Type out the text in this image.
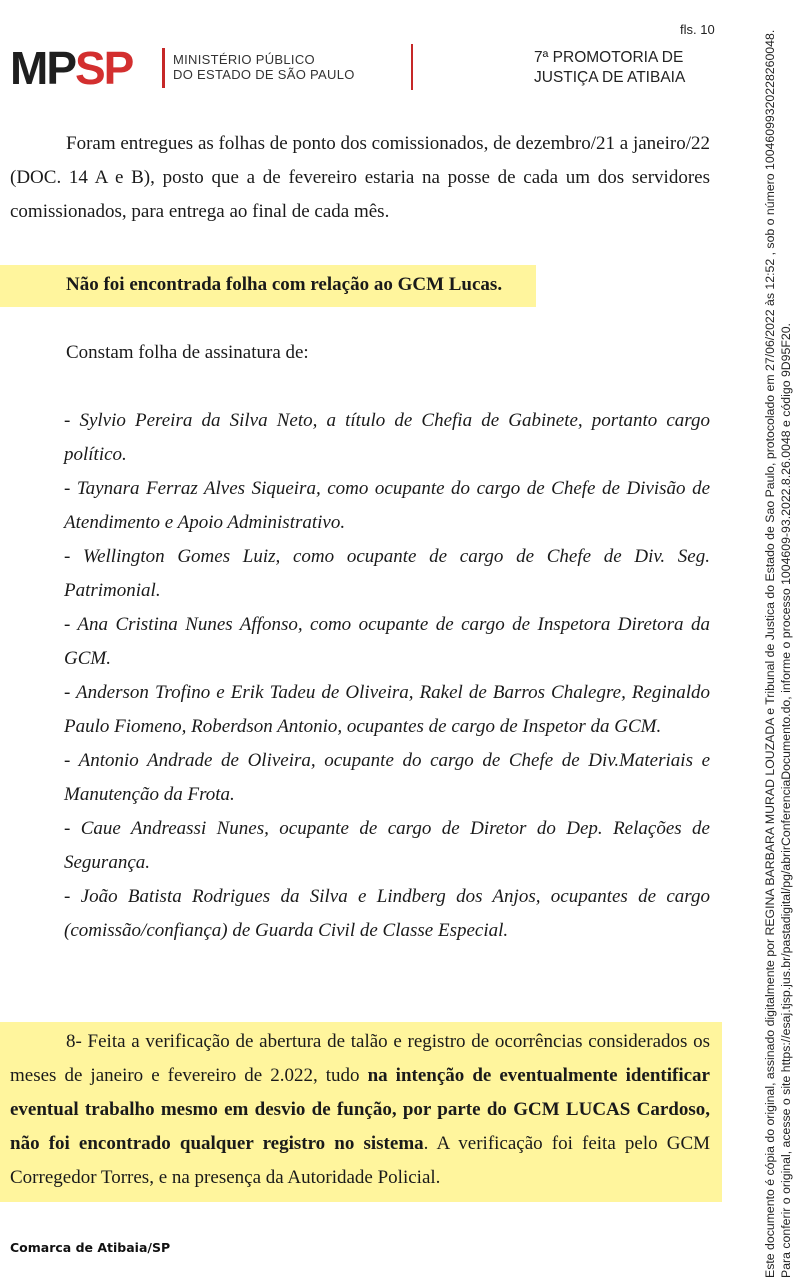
fls. 10
MPSP	MINISTÉRIO PÚBLICO
DO ESTADO DE SÃO PAULO
7ª PROMOTORIA DE
JUSTIÇA DE ATIBAIA
Foram entregues as folhas de ponto dos comissionados, de dezembro/21 a janeiro/22 (DOC. 14 A e B), posto que a de fevereiro estaria na posse de cada um dos servidores comissionados, para entrega ao final de cada mês.
Não foi encontrada folha com relação ao GCM Lucas.
Constam folha de assinatura de:
- Sylvio Pereira da Silva Neto, a título de Chefia de Gabinete, portanto cargo político.
- Taynara Ferraz Alves Siqueira, como ocupante do cargo de Chefe de Divisão de Atendimento e Apoio Administrativo.
- Wellington Gomes Luiz, como ocupante de cargo de Chefe de Div. Seg. Patrimonial.
- Ana Cristina Nunes Affonso, como ocupante de cargo de Inspetora Diretora da GCM.
- Anderson Trofino e Erik Tadeu de Oliveira, Rakel de Barros Chalegre, Reginaldo Paulo Fiomeno, Roberdson Antonio, ocupantes de cargo de Inspetor da GCM.
- Antonio Andrade de Oliveira, ocupante do cargo de Chefe de Div.Materiais e Manutenção da Frota.
- Caue Andreassi Nunes, ocupante de cargo de Diretor do Dep. Relações de Segurança.
- João Batista Rodrigues da Silva e Lindberg dos Anjos, ocupantes de cargo (comissão/confiança) de Guarda Civil de Classe Especial.
8- Feita a verificação de abertura de talão e registro de ocorrências considerados os meses de janeiro e fevereiro de 2.022, tudo na intenção de eventualmente identificar eventual trabalho mesmo em desvio de função, por parte do GCM LUCAS Cardoso, não foi encontrado qualquer registro no sistema. A verificação foi feita pelo GCM Corregedor Torres, e na presença da Autoridade Policial.
Comarca de Atibaia/SP	Este documento é cópia do original, assinado digitalmente por REGINA BARBARA MURAD LOUZADA e Tribunal de Justica do Estado de Sao Paulo, protocolado em 27/06/2022 às 12:52 , sob o número 10046099320228260048. Para conferir o original, acesse o site https://esaj.tjsp.jus.br/pastadigital/pg/abrirConferenciaDocumento.do, informe o processo 1004609-93.2022.8.26.0048 e código 9D95F20.
